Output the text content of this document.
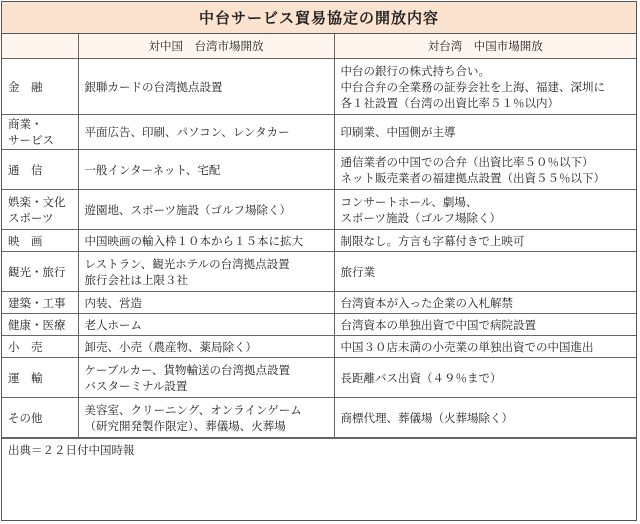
中台サービス貿易協定の開放内容
	対中国　台湾市場開放	対台湾　中国市場開放

金　融	銀聯カードの台湾拠点設置	中台の銀行の株式持ち合い。
中台合弁の全業務の証券会社を上海、福建、深圳に
各１社設置（台湾の出資比率５１％以内）

商業・
サービス	平面広告、印刷、パソコン、レンタカー	印刷業、中国側が主導

通　信	一般インターネット、宅配	通信業者の中国での合弁（出資比率５０％以下）
ネット販売業者の福建拠点設置（出資５５％以下）

娯楽・文化
スポーツ	遊園地、スポーツ施設（ゴルフ場除く）	コンサートホール、劇場、
スポーツ施設（ゴルフ場除く）

映　画	中国映画の輸入枠１０本から１５本に拡大	制限なし。方言も字幕付きで上映可

観光・旅行	レストラン、観光ホテルの台湾拠点設置
旅行会社は上限３社	旅行業

建築・工事	内装、営造	台湾資本が入った企業の入札解禁

健康・医療	老人ホーム	台湾資本の単独出資で中国で病院設置

小　売	卸売、小売（農産物、薬局除く）	中国３０店未満の小売業の単独出資での中国進出

運　輸	ケーブルカー、貨物輸送の台湾拠点設置
バスターミナル設置	長距離バス出資（４９％まで）

その他	美容室、クリーニング、オンラインゲーム
（研究開発製作限定）、葬儀場、火葬場	商標代理、葬儀場（火葬場除く）
出典＝２２日付中国時報
